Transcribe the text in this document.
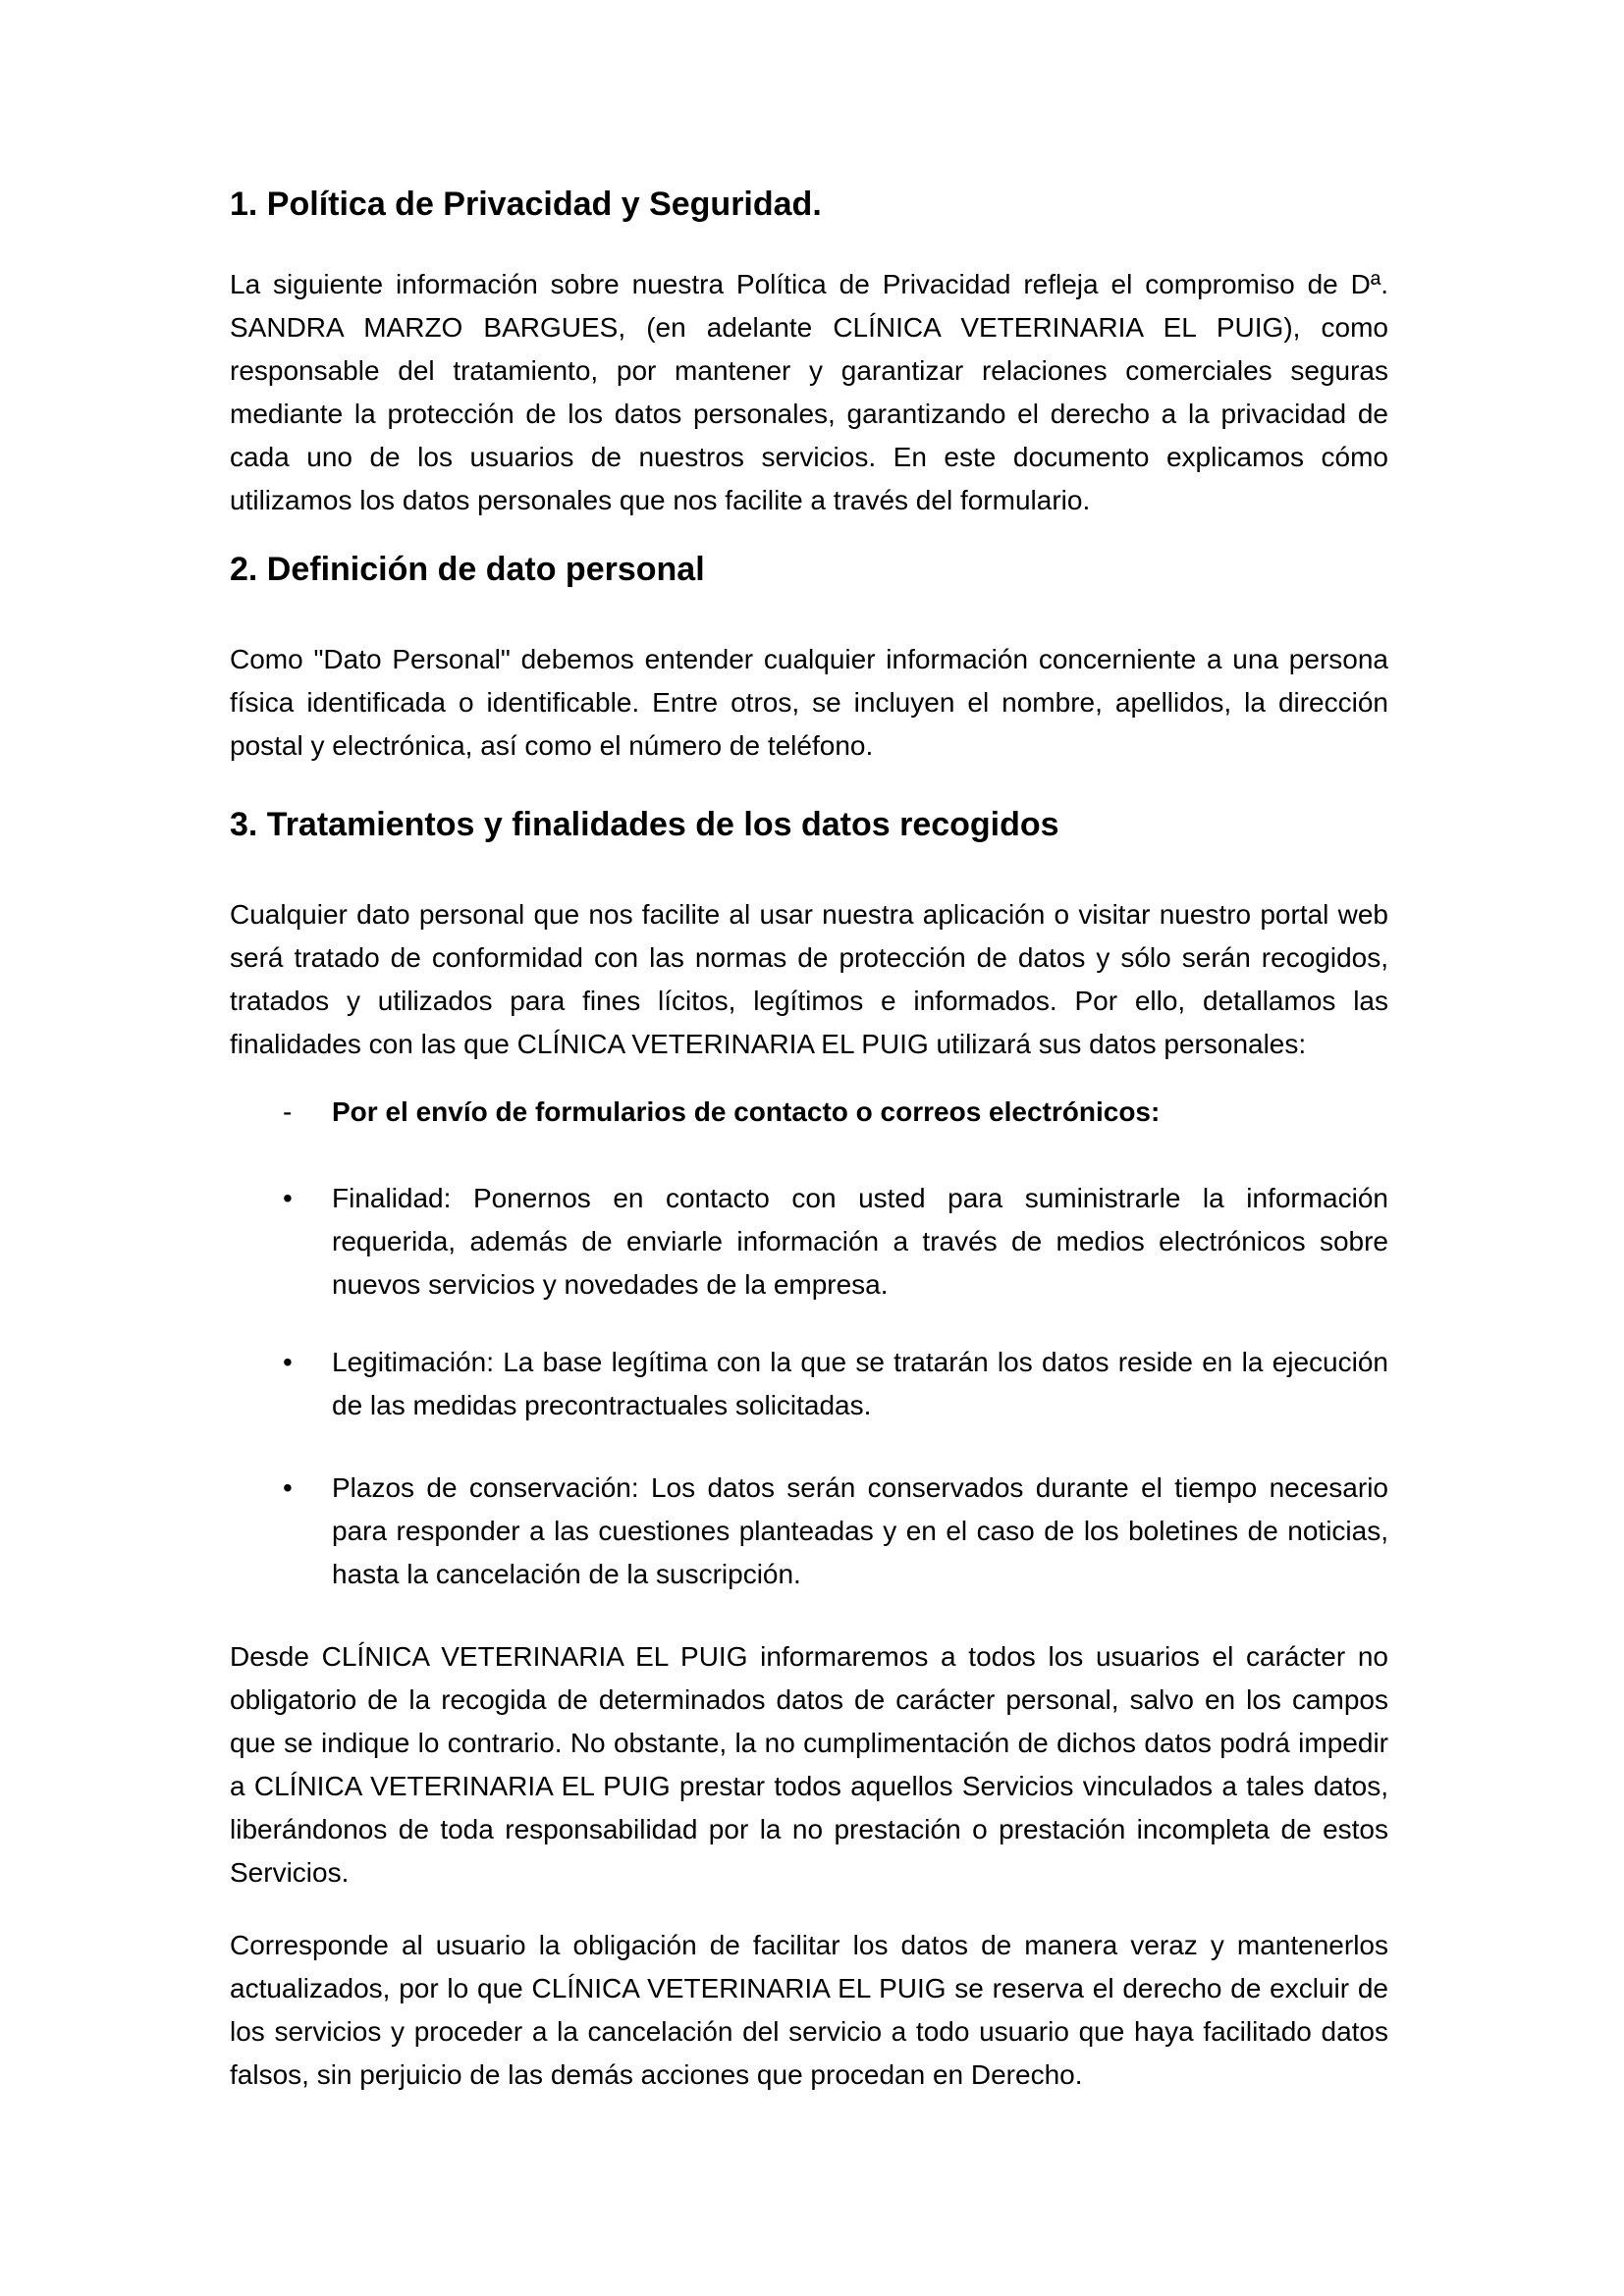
1. Política de Privacidad y Seguridad.

La siguiente información sobre nuestra Política de Privacidad refleja el compromiso de Dª. SANDRA MARZO BARGUES, (en adelante CLÍNICA VETERINARIA EL PUIG), como responsable del tratamiento, por mantener y garantizar relaciones comerciales seguras mediante la protección de los datos personales, garantizando el derecho a la privacidad de cada uno de los usuarios de nuestros servicios. En este documento explicamos cómo utilizamos los datos personales que nos facilite a través del formulario.

2. Definición de dato personal

Como "Dato Personal" debemos entender cualquier información concerniente a una persona física identificada o identificable. Entre otros, se incluyen el nombre, apellidos, la dirección postal y electrónica, así como el número de teléfono.

3. Tratamientos y finalidades de los datos recogidos

Cualquier dato personal que nos facilite al usar nuestra aplicación o visitar nuestro portal web será tratado de conformidad con las normas de protección de datos y sólo serán recogidos, tratados y utilizados para fines lícitos, legítimos e informados. Por ello, detallamos las finalidades con las que CLÍNICA VETERINARIA EL PUIG utilizará sus datos personales:

-	Por el envío de formularios de contacto o correos electrónicos:
•	Finalidad: Ponernos en contacto con usted para suministrarle la información requerida, además de enviarle información a través de medios electrónicos sobre nuevos servicios y novedades de la empresa.
•	Legitimación: La base legítima con la que se tratarán los datos reside en la ejecución de las medidas precontractuales solicitadas.
•	Plazos de conservación: Los datos serán conservados durante el tiempo necesario para responder a las cuestiones planteadas y en el caso de los boletines de noticias, hasta la cancelación de la suscripción.

Desde CLÍNICA VETERINARIA EL PUIG informaremos a todos los usuarios el carácter no obligatorio de la recogida de determinados datos de carácter personal, salvo en los campos que se indique lo contrario. No obstante, la no cumplimentación de dichos datos podrá impedir a CLÍNICA VETERINARIA EL PUIG prestar todos aquellos Servicios vinculados a tales datos, liberándonos de toda responsabilidad por la no prestación o prestación incompleta de estos Servicios.

Corresponde al usuario la obligación de facilitar los datos de manera veraz y mantenerlos actualizados, por lo que CLÍNICA VETERINARIA EL PUIG se reserva el derecho de excluir de los servicios y proceder a la cancelación del servicio a todo usuario que haya facilitado datos falsos, sin perjuicio de las demás acciones que procedan en Derecho.
